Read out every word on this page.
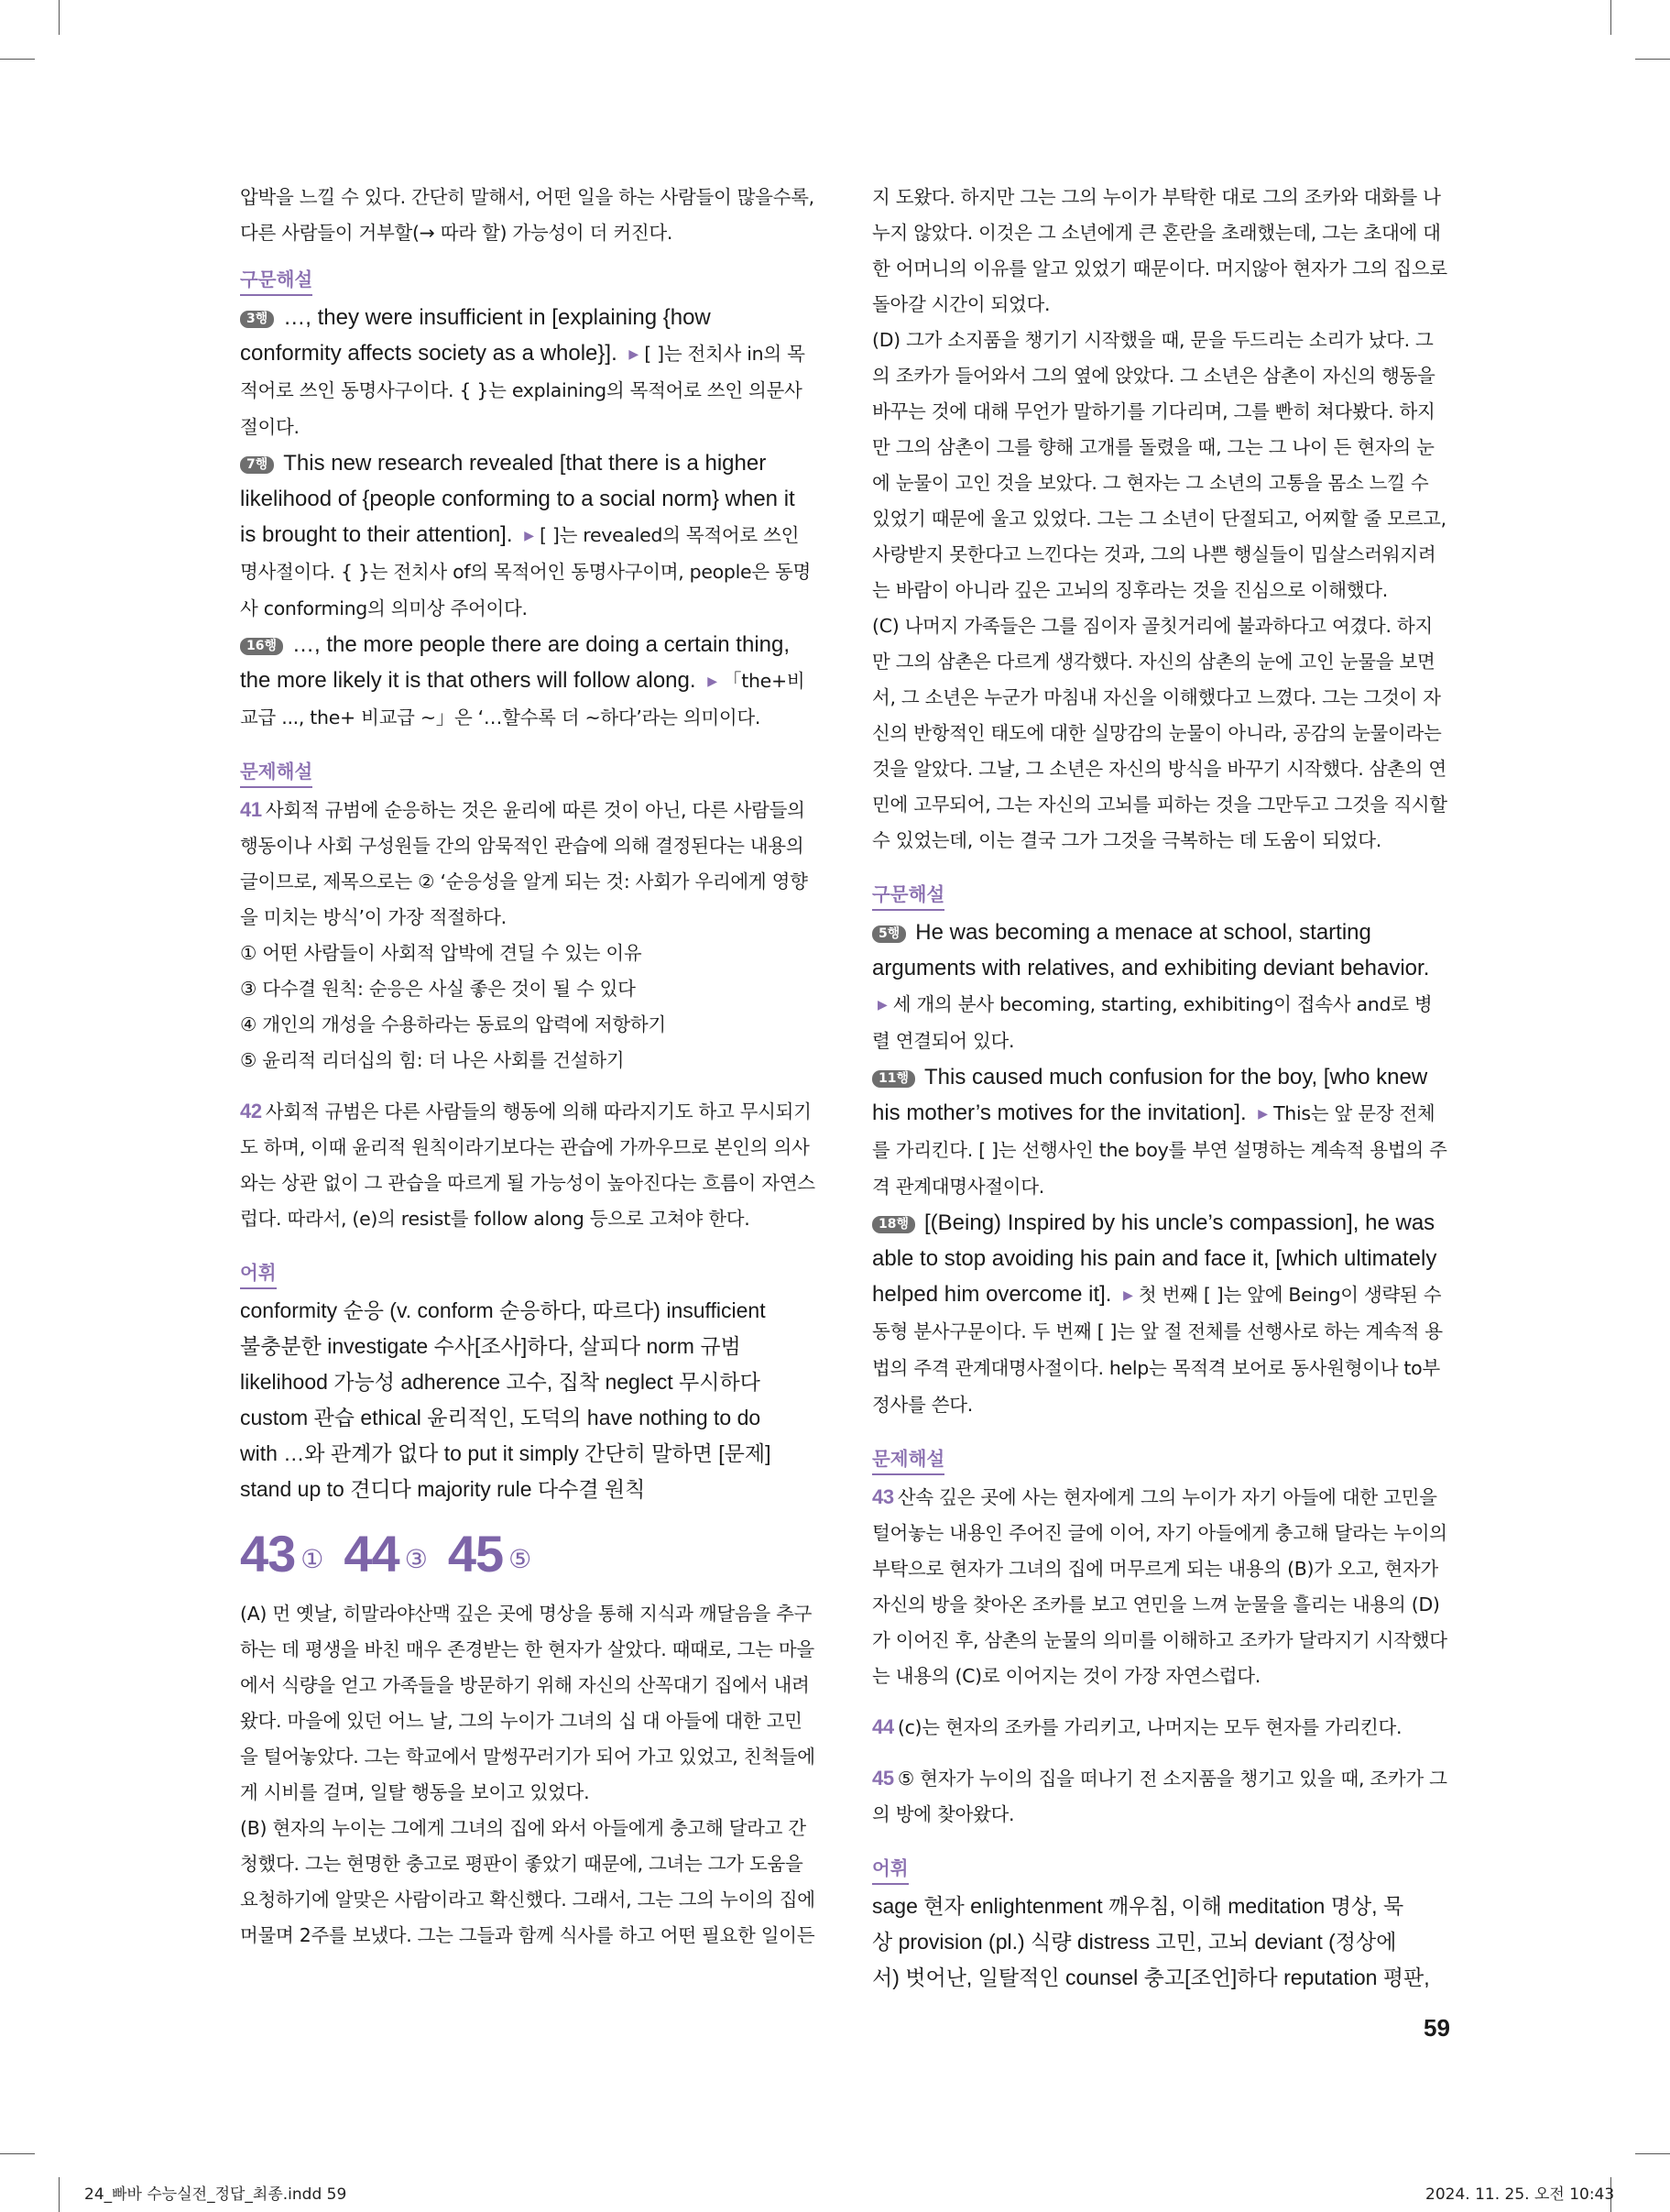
압박을 느낄 수 있다. 간단히 말해서, 어떤 일을 하는 사람들이 많을수록,

다른 사람들이 거부할(→ 따라 할) 가능성이 더 커진다.

구문해설

3행 …, they were insufficient in [explaining {how conformity affects society as a whole}]. ▶ [ ]는 전치사 in의 목적어로 쓰인 동명사구이다. { }는 explaining의 목적어로 쓰인 의문사절이다.

7행 This new research revealed [that there is a higher likelihood of {people conforming to a social norm} when it is brought to their attention]. ▶ [ ]는 revealed의 목적어로 쓰인 명사절이다. { }는 전치사 of의 목적어인 동명사구이며, people은 동명사 conforming의 의미상 주어이다.

16행 …, the more people there are doing a certain thing, the more likely it is that others will follow along. ▶ 「the+비교급 ..., the+ 비교급 ~」은 ‘…할수록 더 ~하다’라는 의미이다.

문제해설

41 사회적 규범에 순응하는 것은 윤리에 따른 것이 아닌, 다른 사람들의 행동이나 사회 구성원들 간의 암묵적인 관습에 의해 결정된다는 내용의 글이므로, 제목으로는 ② ‘순응성을 알게 되는 것: 사회가 우리에게 영향을 미치는 방식’이 가장 적절하다.

① 어떤 사람들이 사회적 압박에 견딜 수 있는 이유

③ 다수결 원칙: 순응은 사실 좋은 것이 될 수 있다

④ 개인의 개성을 수용하라는 동료의 압력에 저항하기

⑤ 윤리적 리더십의 힘: 더 나은 사회를 건설하기

42 사회적 규범은 다른 사람들의 행동에 의해 따라지기도 하고 무시되기도 하며, 이때 윤리적 원칙이라기보다는 관습에 가까우므로 본인의 의사와는 상관 없이 그 관습을 따르게 될 가능성이 높아진다는 흐름이 자연스럽다. 따라서, (e)의 resist를 follow along 등으로 고쳐야 한다.

어휘

conformity 순응 (v. conform 순응하다, 따르다) insufficient

불충분한 investigate 수사[조사]하다, 살피다 norm 규범

likelihood 가능성 adherence 고수, 집착 neglect 무시하다

custom 관습 ethical 윤리적인, 도덕의 have nothing to do

with …와 관계가 없다 to put it simply 간단히 말하면 [문제]

stand up to 견디다 majority rule 다수결 원칙

43 ① 44 ③ 45 ⑤

(A) 먼 옛날, 히말라야산맥 깊은 곳에 명상을 통해 지식과 깨달음을 추구하는 데 평생을 바친 매우 존경받는 한 현자가 살았다. 때때로, 그는 마을에서 식량을 얻고 가족들을 방문하기 위해 자신의 산꼭대기 집에서 내려왔다. 마을에 있던 어느 날, 그의 누이가 그녀의 십 대 아들에 대한 고민을 털어놓았다. 그는 학교에서 말썽꾸러기가 되어 가고 있었고, 친척들에게 시비를 걸며, 일탈 행동을 보이고 있었다.

(B) 현자의 누이는 그에게 그녀의 집에 와서 아들에게 충고해 달라고 간청했다. 그는 현명한 충고로 평판이 좋았기 때문에, 그녀는 그가 도움을 요청하기에 알맞은 사람이라고 확신했다. 그래서, 그는 그의 누이의 집에 머물며 2주를 보냈다. 그는 그들과 함께 식사를 하고 어떤 필요한 일이든

지 도왔다. 하지만 그는 그의 누이가 부탁한 대로 그의 조카와 대화를 나누지 않았다. 이것은 그 소년에게 큰 혼란을 초래했는데, 그는 초대에 대한 어머니의 이유를 알고 있었기 때문이다. 머지않아 현자가 그의 집으로 돌아갈 시간이 되었다.

(D) 그가 소지품을 챙기기 시작했을 때, 문을 두드리는 소리가 났다. 그의 조카가 들어와서 그의 옆에 앉았다. 그 소년은 삼촌이 자신의 행동을 바꾸는 것에 대해 무언가 말하기를 기다리며, 그를 빤히 쳐다봤다. 하지만 그의 삼촌이 그를 향해 고개를 돌렸을 때, 그는 그 나이 든 현자의 눈에 눈물이 고인 것을 보았다. 그 현자는 그 소년의 고통을 몸소 느낄 수 있었기 때문에 울고 있었다. 그는 그 소년이 단절되고, 어찌할 줄 모르고, 사랑받지 못한다고 느낀다는 것과, 그의 나쁜 행실들이 밉살스러워지려는 바람이 아니라 깊은 고뇌의 징후라는 것을 진심으로 이해했다.

(C) 나머지 가족들은 그를 짐이자 골칫거리에 불과하다고 여겼다. 하지만 그의 삼촌은 다르게 생각했다. 자신의 삼촌의 눈에 고인 눈물을 보면서, 그 소년은 누군가 마침내 자신을 이해했다고 느꼈다. 그는 그것이 자신의 반항적인 태도에 대한 실망감의 눈물이 아니라, 공감의 눈물이라는 것을 알았다. 그날, 그 소년은 자신의 방식을 바꾸기 시작했다. 삼촌의 연민에 고무되어, 그는 자신의 고뇌를 피하는 것을 그만두고 그것을 직시할 수 있었는데, 이는 결국 그가 그것을 극복하는 데 도움이 되었다.

구문해설

5행 He was becoming a menace at school, starting arguments with relatives, and exhibiting deviant behavior. ▶ 세 개의 분사 becoming, starting, exhibiting이 접속사 and로 병렬 연결되어 있다.

11행 This caused much confusion for the boy, [who knew his mother’s motives for the invitation]. ▶ This는 앞 문장 전체를 가리킨다. [ ]는 선행사인 the boy를 부연 설명하는 계속적 용법의 주격 관계대명사절이다.

18행 [(Being) Inspired by his uncle’s compassion], he was able to stop avoiding his pain and face it, [which ultimately helped him overcome it]. ▶ 첫 번째 [ ]는 앞에 Being이 생략된 수동형 분사구문이다. 두 번째 [ ]는 앞 절 전체를 선행사로 하는 계속적 용법의 주격 관계대명사절이다. help는 목적격 보어로 동사원형이나 to부정사를 쓴다.

문제해설

43 산속 깊은 곳에 사는 현자에게 그의 누이가 자기 아들에 대한 고민을 털어놓는 내용인 주어진 글에 이어, 자기 아들에게 충고해 달라는 누이의 부탁으로 현자가 그녀의 집에 머무르게 되는 내용의 (B)가 오고, 현자가 자신의 방을 찾아온 조카를 보고 연민을 느껴 눈물을 흘리는 내용의 (D)가 이어진 후, 삼촌의 눈물의 의미를 이해하고 조카가 달라지기 시작했다는 내용의 (C)로 이어지는 것이 가장 자연스럽다.

44 (c)는 현자의 조카를 가리키고, 나머지는 모두 현자를 가리킨다.

45 ⑤ 현자가 누이의 집을 떠나기 전 소지품을 챙기고 있을 때, 조카가 그의 방에 찾아왔다.

어휘

sage 현자 enlightenment 깨우침, 이해 meditation 명상, 묵

상 provision (pl.) 식량 distress 고민, 고뇌 deviant (정상에

서) 벗어난, 일탈적인 counsel 충고[조언]하다 reputation 평판,

59
24_빠바 수능실전_정답_최종.indd 59	2024. 11. 25. 오전 10:43
